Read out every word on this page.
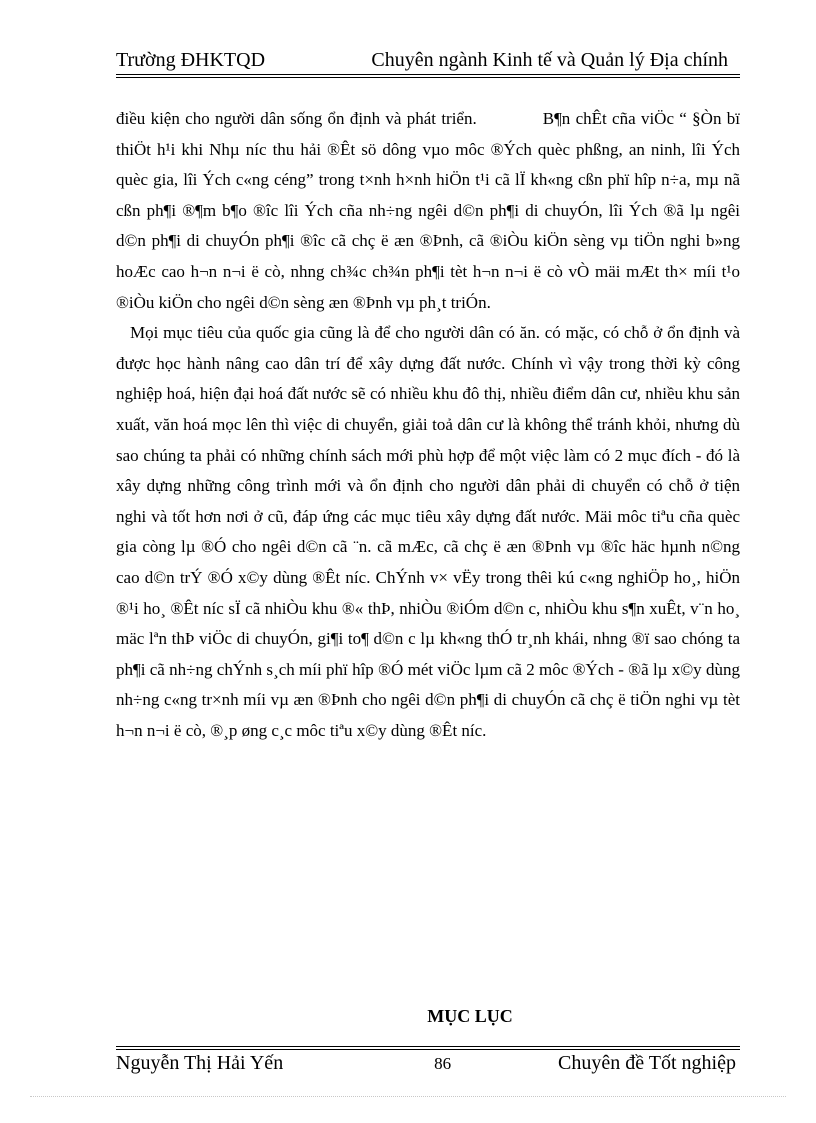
Trường ĐHKTQD	Chuyên ngành Kinh tế và Quản lý Địa chính

điều kiện cho người dân sống ổn định và phát triển.	B¶n chÊt cña viÖc “ §Òn bï thiÖt h¹i khi Nhµ níc thu hải ®Êt sö dông vµo môc ®Ých quèc phßng, an ninh, lîi Ých quèc gia, lîi Ých c«ng céng” trong t×nh h×nh hiÖn t¹i cã lÏ kh«ng cßn phï hîp n÷a, mµ nã cßn ph¶i ®¶m b¶o ®îc lîi Ých cña nh÷ng ngêi d©n ph¶i di chuyÓn, lîi Ých ®ã lµ ngêi d©n ph¶i di chuyÓn ph¶i ®îc cã chç ë æn ®Þnh, cã ®iÒu kiÖn sèng vµ tiÖn nghi b»ng hoÆc cao h¬n n¬i ë cò, nhng ch¾c ch¾n ph¶i tèt h¬n n¬i ë cò vÒ mäi mÆt th× míi t¹o ®iÒu kiÖn cho ngêi d©n sèng æn ®Þnh vµ ph¸t triÓn.

Mọi mục tiêu của quốc gia cũng là để cho người dân có ăn. có mặc, có chỗ ở ổn định và được học hành nâng cao dân trí để xây dựng đất nước. Chính vì vậy trong thời kỳ công nghiệp hoá, hiện đại hoá đất nước sẽ có nhiều khu đô thị, nhiều điểm dân cư, nhiều khu sản xuất, văn hoá mọc lên thì việc di chuyển, giải toả dân cư là không thể tránh khỏi, nhưng dù sao chúng ta phải có những chính sách mới phù hợp để một việc làm có 2 mục đích - đó là xây dựng những công trình mới và ổn định cho người dân phải di chuyển có chỗ ở tiện nghi và tốt hơn nơi ở cũ, đáp ứng các mục tiêu xây dựng đất nước. Mäi môc tiªu cña quèc gia còng lµ ®Ó cho ngêi d©n cã ¨n. cã mÆc, cã chç ë æn ®Þnh vµ ®îc häc hµnh n©ng cao d©n trÝ ®Ó x©y dùng ®Êt níc. ChÝnh v× vËy trong thêi kú c«ng nghiÖp ho¸, hiÖn ®¹i ho¸ ®Êt níc sÏ cã nhiÒu khu ®« thÞ, nhiÒu ®iÓm d©n c, nhiÒu khu s¶n xuÊt, v¨n ho¸ mäc lªn thÞ viÖc di chuyÓn, gi¶i to¶ d©n c lµ kh«ng thÓ tr¸nh khái, nhng ®ï sao chóng ta ph¶i cã nh÷ng chÝnh s¸ch míi phï hîp ®Ó mét viÖc lµm cã 2 môc ®Ých - ®ã lµ x©y dùng nh÷ng c«ng tr×nh míi vµ æn ®Þnh cho ngêi d©n ph¶i di chuyÓn cã chç ë tiÖn nghi vµ tèt h¬n n¬i ë cò, ®¸p øng c¸c môc tiªu x©y dùng ®Êt níc.

MỤC LỤC
Nguyễn Thị Hải Yến	86	Chuyên đề Tốt nghiệp
